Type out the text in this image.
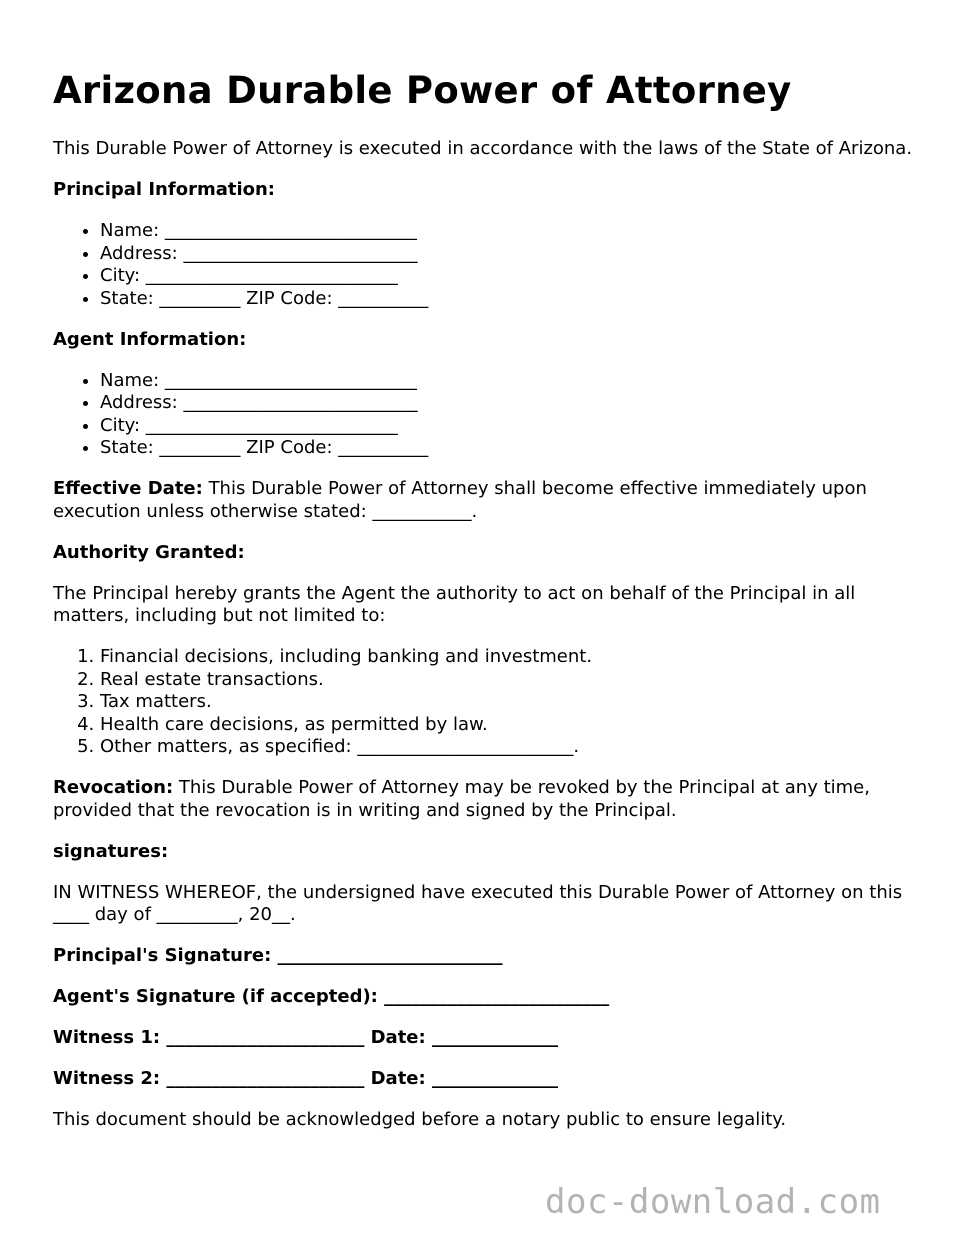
Arizona Durable Power of Attorney

This Durable Power of Attorney is executed in accordance with the laws of the State of Arizona.

Principal Information:

• Name: ____________________________
• Address: __________________________
• City: ____________________________
• State: _________ ZIP Code: __________

Agent Information:

• Name: ____________________________
• Address: __________________________
• City: ____________________________
• State: _________ ZIP Code: __________

Effective Date: This Durable Power of Attorney shall become effective immediately upon execution unless otherwise stated: ___________.

Authority Granted:

The Principal hereby grants the Agent the authority to act on behalf of the Principal in all matters, including but not limited to:

1. Financial decisions, including banking and investment.
2. Real estate transactions.
3. Tax matters.
4. Health care decisions, as permitted by law.
5. Other matters, as specified: ________________________.

Revocation: This Durable Power of Attorney may be revoked by the Principal at any time, provided that the revocation is in writing and signed by the Principal.

signatures:

IN WITNESS WHEREOF, the undersigned have executed this Durable Power of Attorney on this ____ day of _________, 20__.

Principal's Signature: _________________________

Agent's Signature (if accepted): _________________________

Witness 1: ______________________ Date: ______________

Witness 2: ______________________ Date: ______________

This document should be acknowledged before a notary public to ensure legality.

doc-download.com
